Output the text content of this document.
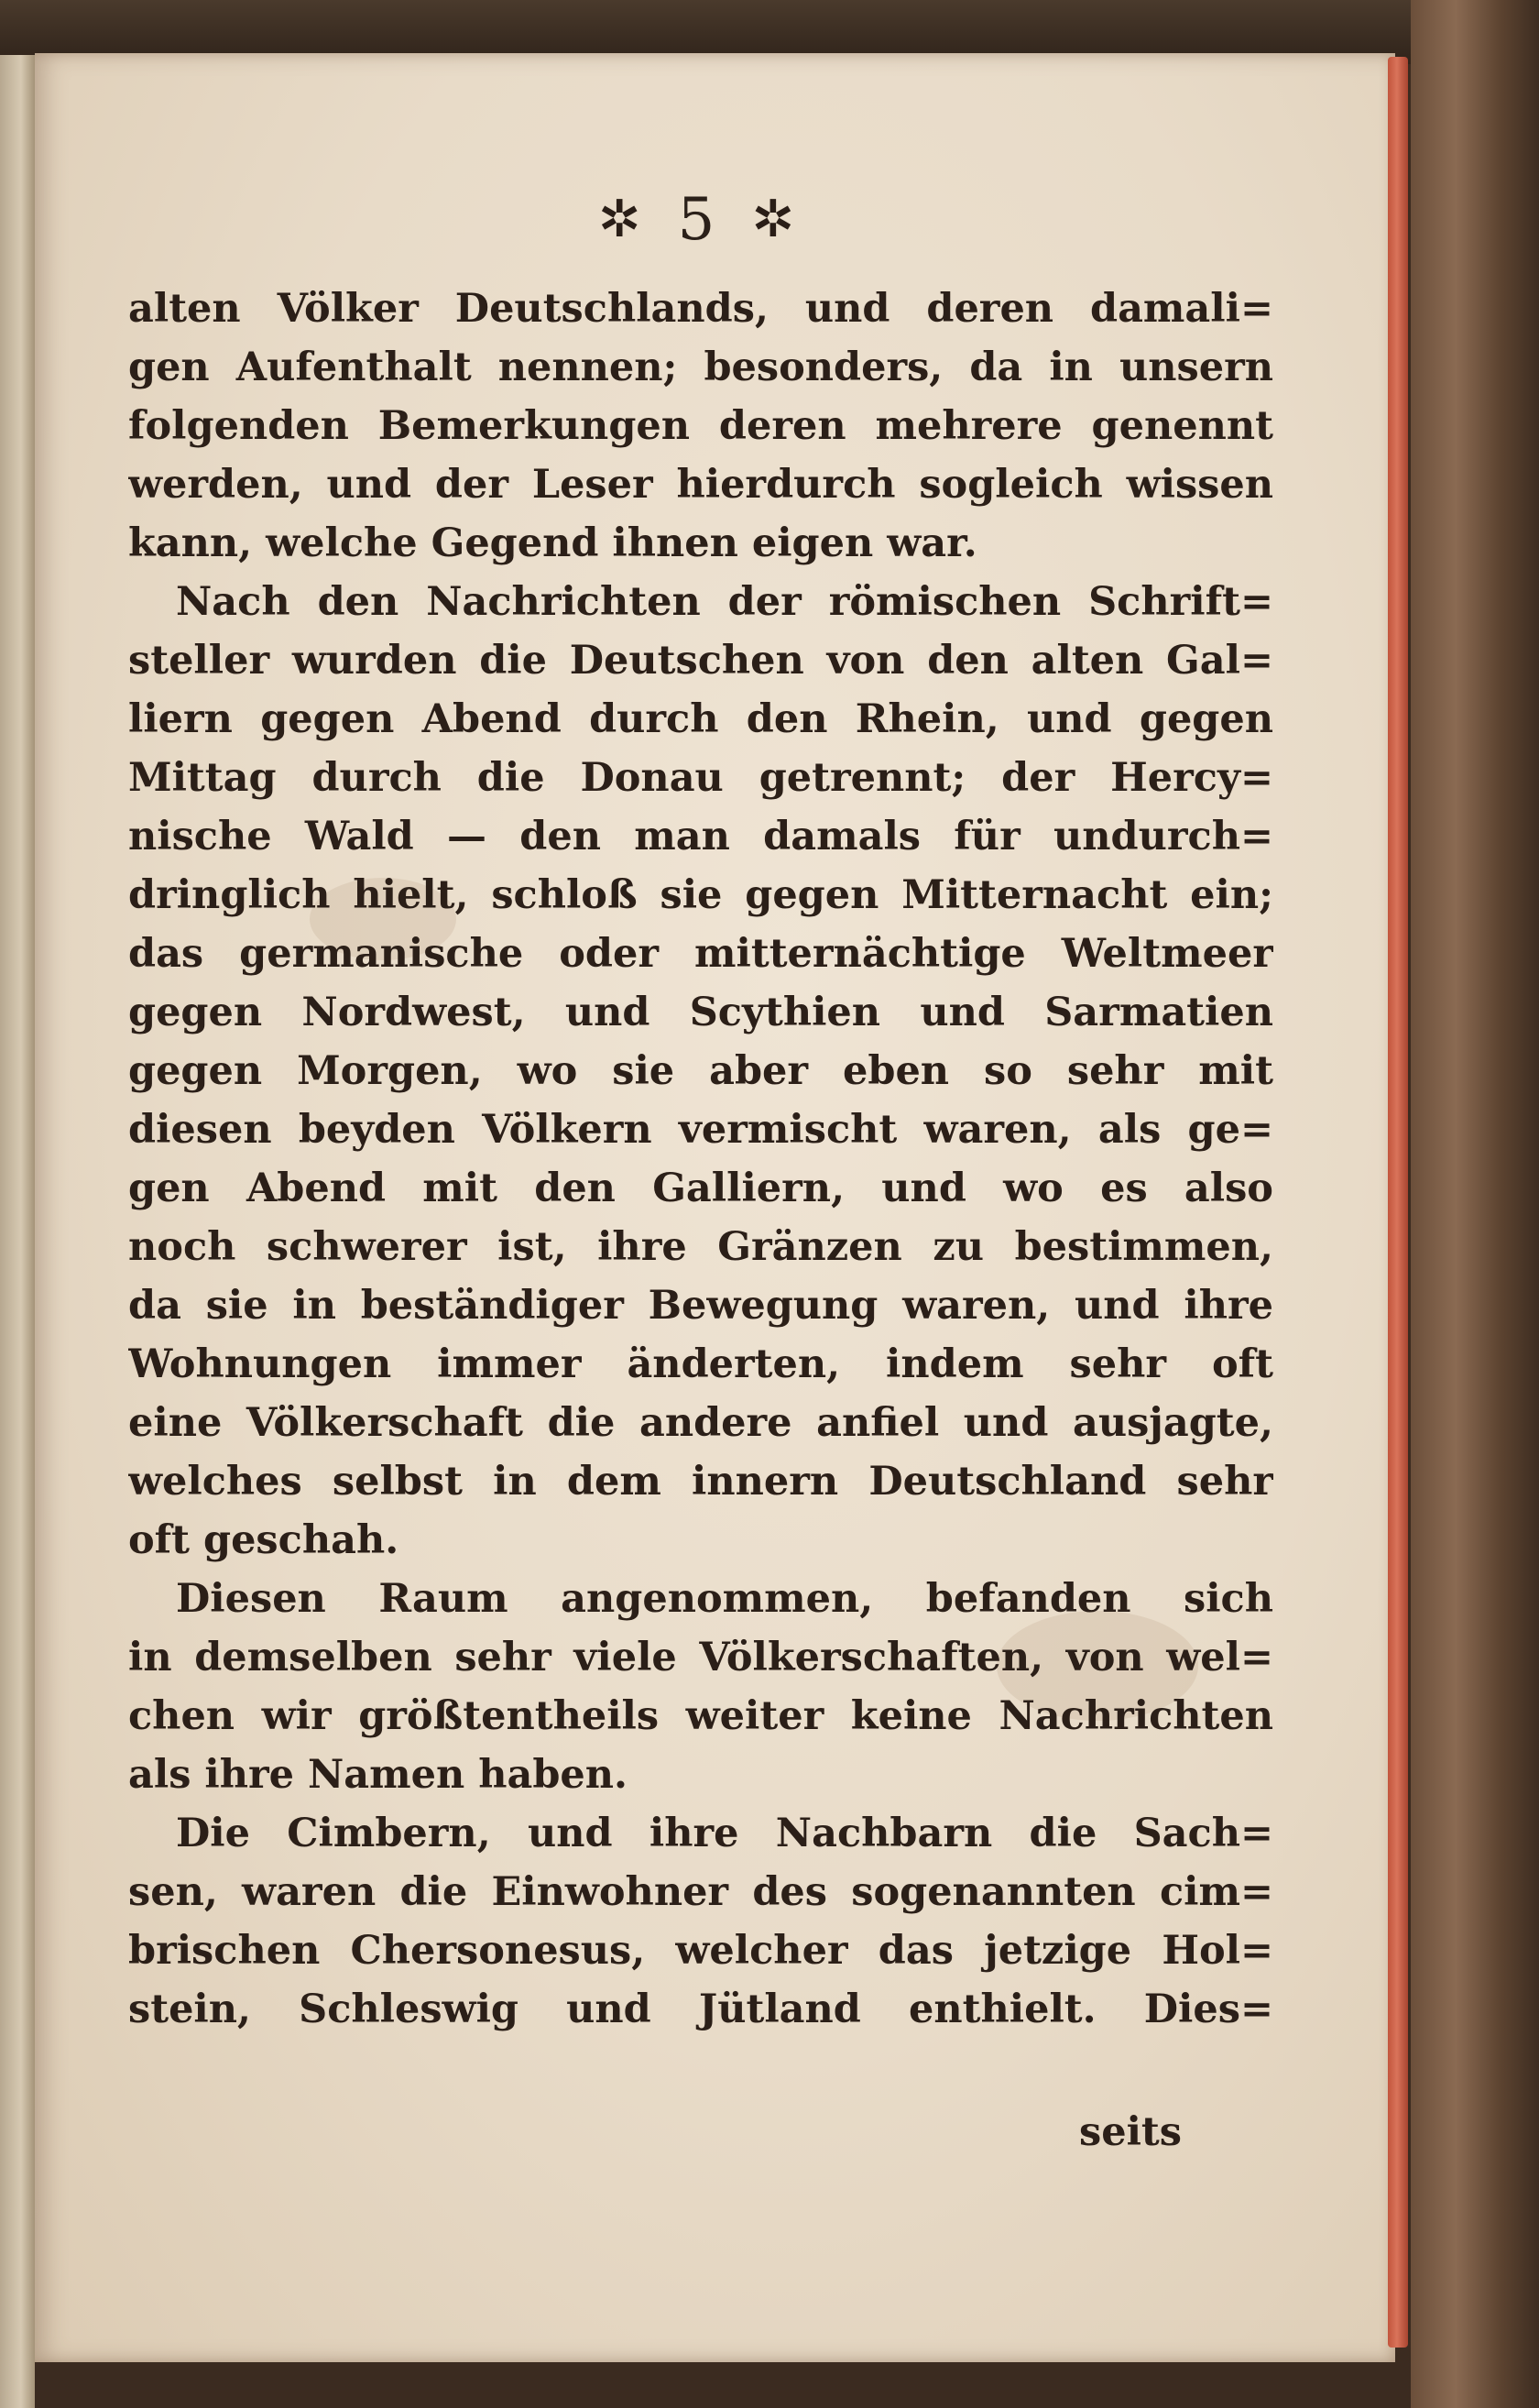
✲ 5 ✲
alten Völker Deutschlands, und deren damali=
gen Aufenthalt nennen; besonders, da in unsern
folgenden Bemerkungen deren mehrere genennt
werden, und der Leser hierdurch sogleich wissen
kann, welche Gegend ihnen eigen war.
Nach den Nachrichten der römischen Schrift=
steller wurden die Deutschen von den alten Gal=
liern gegen Abend durch den Rhein, und gegen
Mittag durch die Donau getrennt; der Hercy=
nische Wald — den man damals für undurch=
dringlich hielt, schloß sie gegen Mitternacht ein;
das germanische oder mitternächtige Weltmeer
gegen Nordwest, und Scythien und Sarmatien
gegen Morgen, wo sie aber eben so sehr mit
diesen beyden Völkern vermischt waren, als ge=
gen Abend mit den Galliern, und wo es also
noch schwerer ist, ihre Gränzen zu bestimmen,
da sie in beständiger Bewegung waren, und ihre
Wohnungen immer änderten, indem sehr oft
eine Völkerschaft die andere anfiel und ausjagte,
welches selbst in dem innern Deutschland sehr
oft geschah.
Diesen Raum angenommen, befanden sich
in demselben sehr viele Völkerschaften, von wel=
chen wir größtentheils weiter keine Nachrichten
als ihre Namen haben.
Die Cimbern, und ihre Nachbarn die Sach=
sen, waren die Einwohner des sogenannten cim=
brischen Chersonesus, welcher das jetzige Hol=
stein, Schleswig und Jütland enthielt. Dies=
seits
